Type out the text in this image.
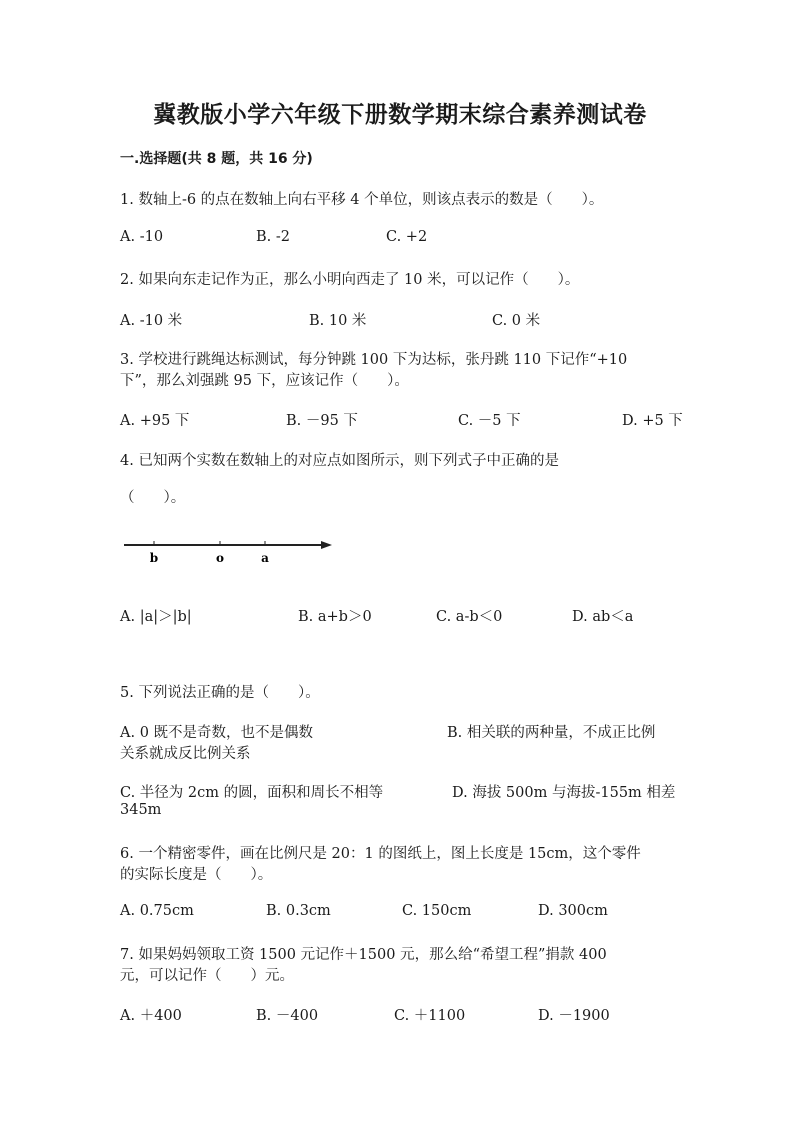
冀教版小学六年级下册数学期末综合素养测试卷
一.选择题(共 8 题，共 16 分)
1. 数轴上-6 的点在数轴上向右平移 4 个单位，则该点表示的数是（　　）。
A. -10	B. -2	C. +2
2. 如果向东走记作为正，那么小明向西走了 10 米，可以记作（　　）。
A. -10 米	B. 10 米	C. 0 米
3. 学校进行跳绳达标测试，每分钟跳 100 下为达标，张丹跳 110 下记作“+10
下”，那么刘强跳 95 下，应该记作（　　）。
A. +95 下	B. －95 下	C. －5 下	D. +5 下
4. 已知两个实数在数轴上的对应点如图所示，则下列式子中正确的是
（　　）。
b	o	a
A. |a|＞|b|	B. a+b＞0	C. a-b＜0	D. ab＜a
5. 下列说法正确的是（　　）。
A. 0 既不是奇数，也不是偶数	B. 相关联的两种量，不成正比例
关系就成反比例关系
C. 半径为 2cm 的圆，面积和周长不相等	D. 海拔 500m 与海拔-155m 相差
345m
6. 一个精密零件，画在比例尺是 20：1 的图纸上，图上长度是 15cm，这个零件
的实际长度是（　　）。
A. 0.75cm	B. 0.3cm	C. 150cm	D. 300cm
7. 如果妈妈领取工资 1500 元记作＋1500 元，那么给“希望工程”捐款 400
元，可以记作（　　）元。
A. ＋400	B. －400	C. ＋1100	D. －1900
